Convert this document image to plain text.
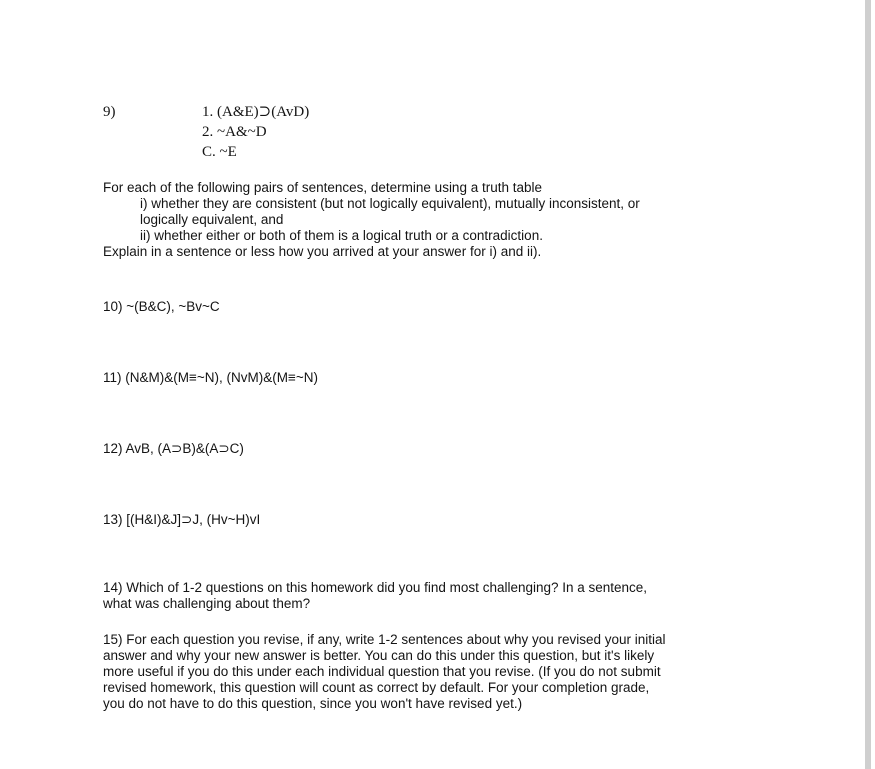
9)	1. (A&E)⊃(AvD)
2. ~A&~D
C. ~E
For each of the following pairs of sentences, determine using a truth table
i) whether they are consistent (but not logically equivalent), mutually inconsistent, or
logically equivalent, and
ii) whether either or both of them is a logical truth or a contradiction.
Explain in a sentence or less how you arrived at your answer for i) and ii).
10) ~(B&C), ~Bv~C
11) (N&M)&(M≡~N), (NvM)&(M≡~N)
12) AvB, (A⊃B)&(A⊃C)
13) [(H&I)&J]⊃J, (Hv~H)vI
14) Which of 1-2 questions on this homework did you find most challenging? In a sentence,
what was challenging about them?
15) For each question you revise, if any, write 1-2 sentences about why you revised your initial
answer and why your new answer is better. You can do this under this question, but it's likely
more useful if you do this under each individual question that you revise. (If you do not submit
revised homework, this question will count as correct by default. For your completion grade,
you do not have to do this question, since you won't have revised yet.)
